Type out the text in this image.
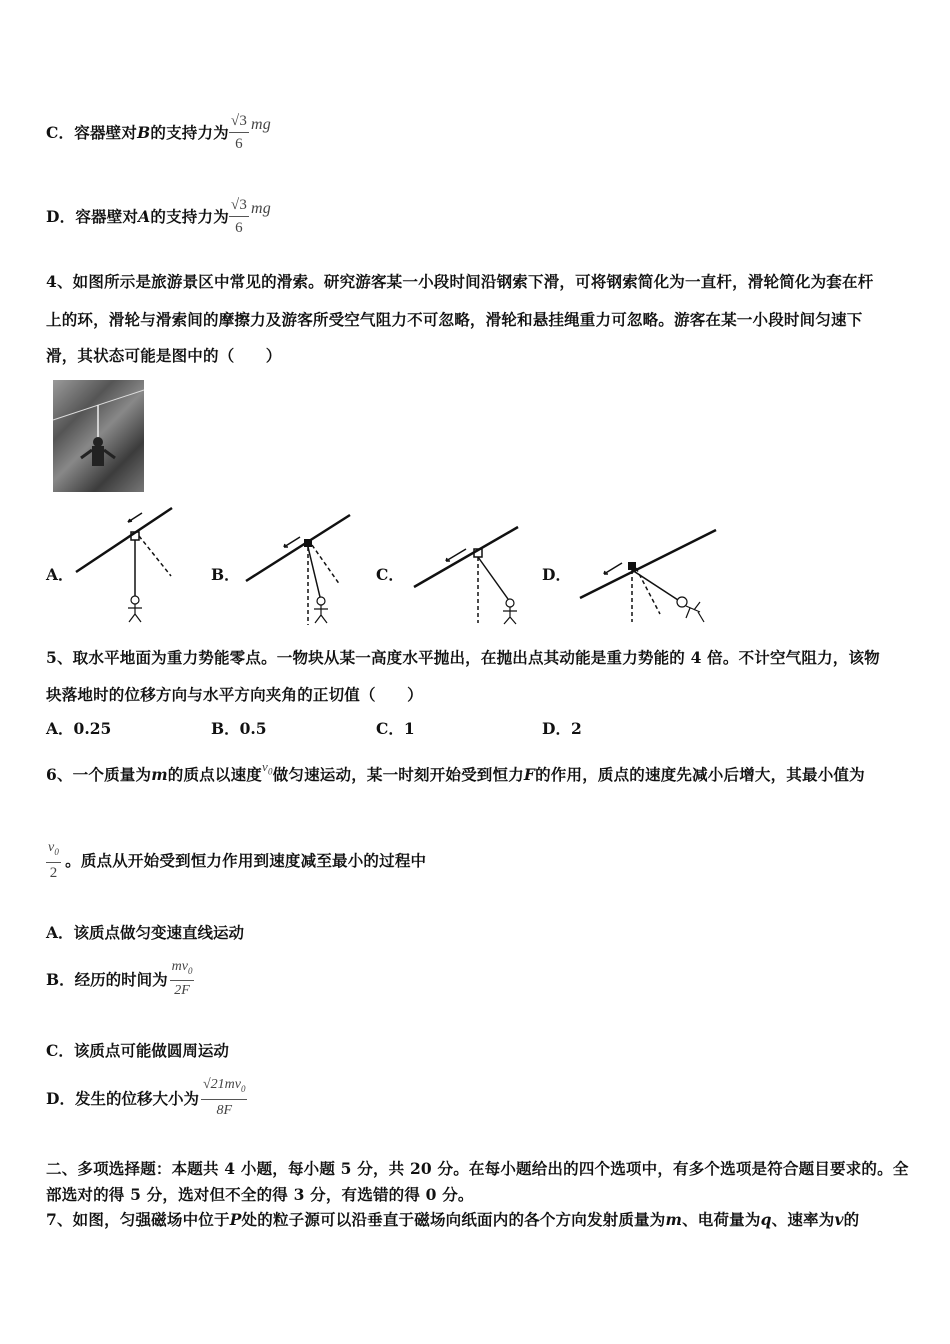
C． 容器壁对 B 的支持力为 $\frac{√3}{6}$ mg
D． 容器壁对 A 的支持力为 $\frac{√3}{6}$ mg
4、如图所示是旅游景区中常见的滑索。研究游客某一小段时间沿钢索下滑，可将钢索简化为一直杆，滑轮简化为套在杆
上的环，滑轮与滑索间的摩擦力及游客所受空气阻力不可忽略，滑轮和悬挂绳重力可忽略。游客在某一小段时间匀速下
滑，其状态可能是图中的（　　）
A．	B．	C．	D．
5、取水平地面为重力势能零点。一物块从某一高度水平抛出，在抛出点其动能是重力势能的 4 倍。不计空气阻力，该物
块落地时的位移方向与水平方向夹角的正切值（　　）
A．0.25	B．0.5	C．1	D．2
6、一个质量为m的质点以速度$^{v_0}$做匀速运动，某一时刻开始受到恒力F的作用，质点的速度先减小后增大，其最小值为
$\frac{v_0}{2}$ 。质点从开始受到恒力作用到速度减至最小的过程中
A．该质点做匀变速直线运动
B． 经历的时间为 $\frac{mv_0}{2F}$
C．该质点可能做圆周运动
D． 发生的位移大小为 $\frac{√21mv_0}{8F}$
二、多项选择题：本题共 4 小题，每小题 5 分，共 20 分。在每小题给出的四个选项中，有多个选项是符合题目要求的。全
部选对的得 5 分，选对但不全的得 3 分，有选错的得 0 分。
7、如图，匀强磁场中位于P处的粒子源可以沿垂直于磁场向纸面内的各个方向发射质量为m、电荷量为q、速率为v的
